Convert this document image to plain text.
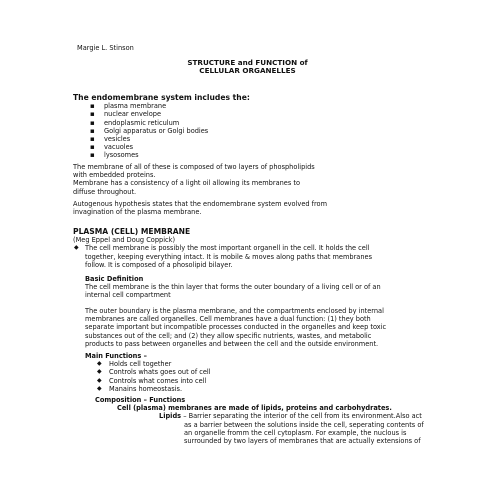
Margie L. Stinson
STRUCTURE and FUNCTION of
CELLULAR ORGANELLES
The endomembrane system includes the:
▪ plasma membrane
▪ nuclear envelope
▪ endoplasmic reticulum
▪ Golgi apparatus or Golgi bodies
▪ vesicles
▪ vacuoles
▪ lysosomes
The membrane of all of these is composed of two layers of phospholipids
with embedded proteins.
Membrane has a consistency of a light oil allowing its membranes to
diffuse throughout.
Autogenous hypothesis states that the endomembrane system evolved from
invagination of the plasma membrane.
PLASMA (CELL) MEMBRANE
(Meg Eppel and Doug Coppick)
◆ The cell membrane is possibly the most important organell in the cell. It holds the cell
together, keeping everything intact. It is mobile & moves along paths that membranes
follow. It is composed of a phosolipid bilayer.
Basic Definition
The cell membrane is the thin layer that forms the outer boundary of a living cell or of an
internal cell compartment
The outer boundary is the plasma membrane, and the compartments enclosed by internal
membranes are called organelles. Cell membranes have a dual function: (1) they both
separate important but incompatible processes conducted in the organelles and keep toxic
substances out of the cell; and (2) they allow specific nutrients, wastes, and metabolic
products to pass between organelles and between the cell and the outside environment.
Main Functions –
◆ Holds cell together
◆ Controls whats goes out of cell
◆ Controls what comes into cell
◆ Manains homeostasis.
Composition – Functions
Cell (plasma) membranes are made of lipids, proteins and carbohydrates.
Lipids – Barrier separating the interior of the cell from its environment.Also act
as a barrier between the solutions inside the cell, seperating contents of
an organelle fromm the cell cytoplasm. For example, the nuclous is
surrounded by two layers of membranes that are actually extensions of
